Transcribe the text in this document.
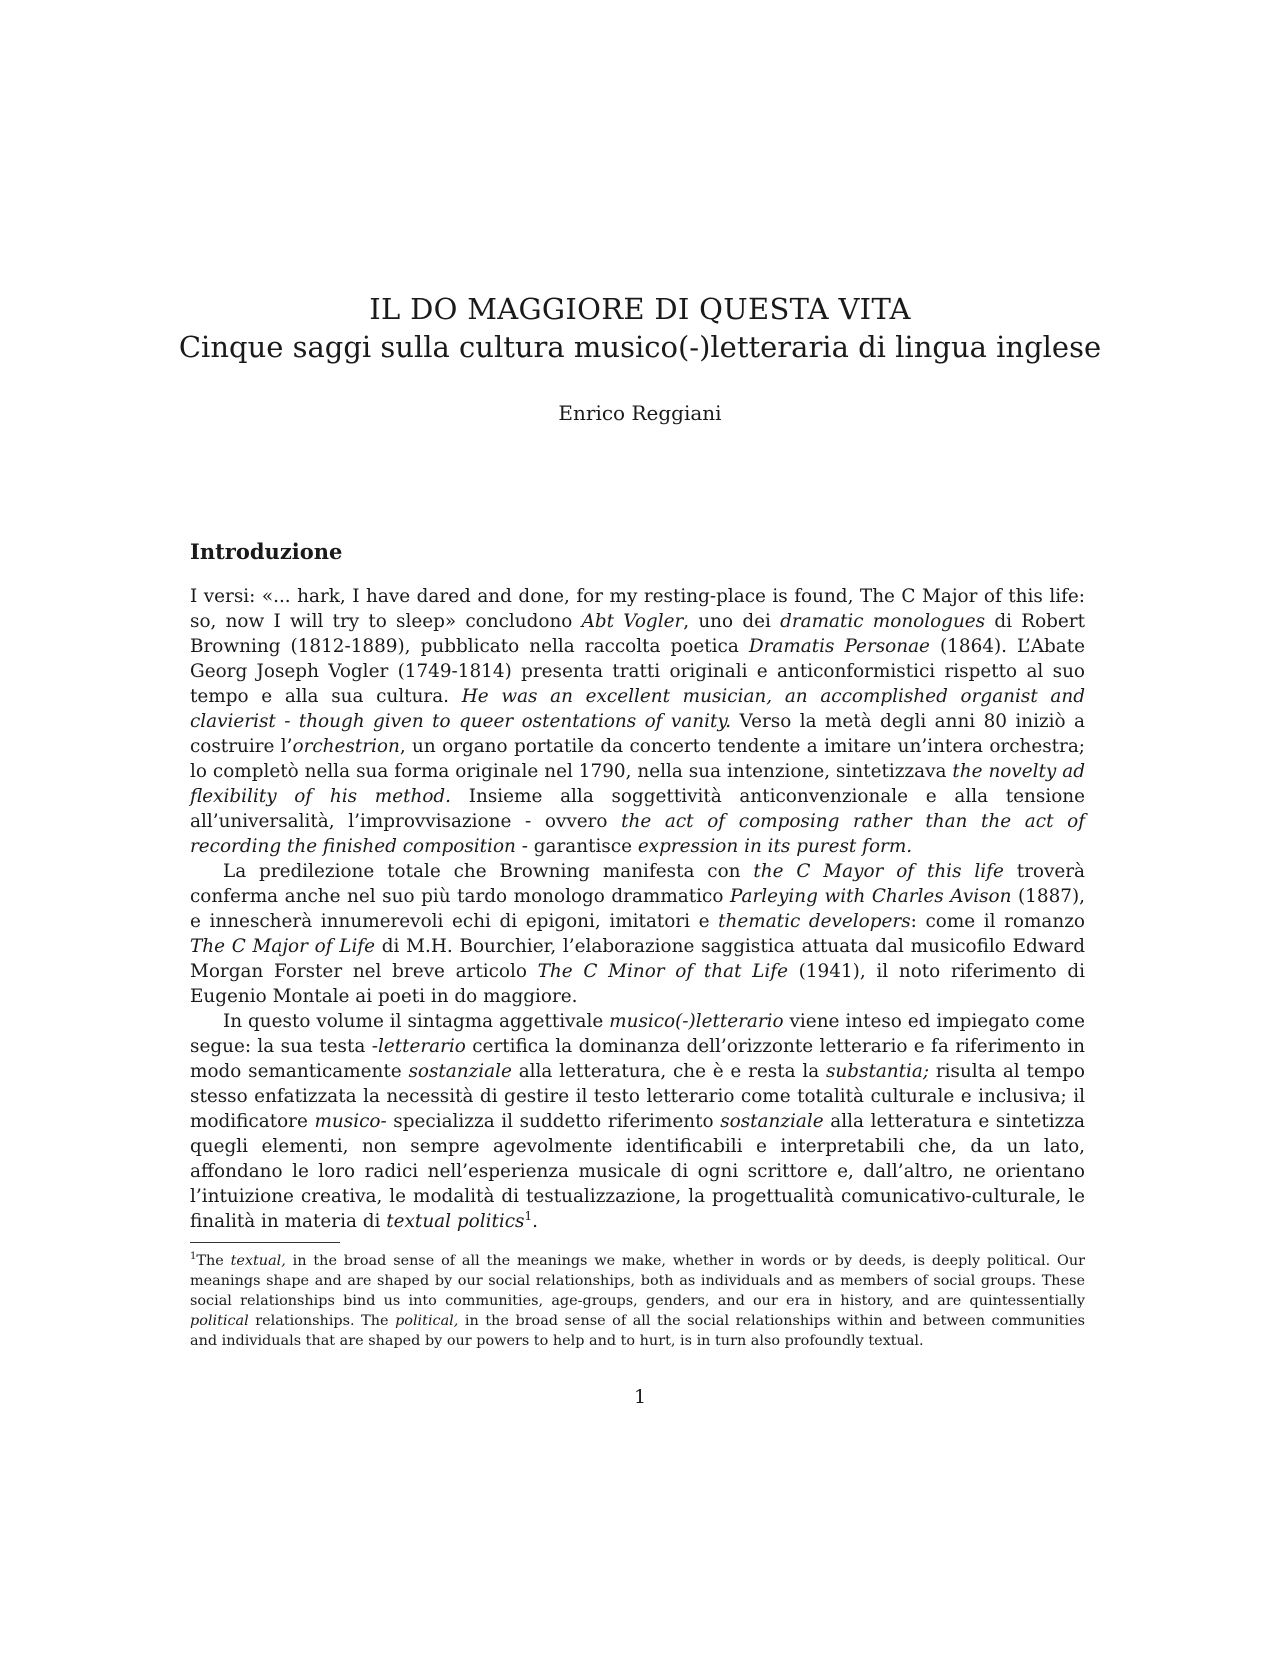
IL DO MAGGIORE DI QUESTA VITA
Cinque saggi sulla cultura musico(-)letteraria di lingua inglese
Enrico Reggiani
Introduzione

I versi: «... hark, I have dared and done, for my resting-place is found, The C Major of this life: so, now I will try to sleep» concludono Abt Vogler, uno dei dramatic monologues di Robert Browning (1812-1889), pubblicato nella raccolta poetica Dramatis Personae (1864). L’Abate Georg Joseph Vogler (1749-1814) presenta tratti originali e anticonformistici rispetto al suo tempo e alla sua cultura. He was an excellent musician, an accomplished organist and clavierist - though given to queer ostentations of vanity. Verso la metà degli anni 80 iniziò a costruire l’orchestrion, un organo portatile da concerto tendente a imitare un’intera orchestra; lo completò nella sua forma originale nel 1790, nella sua intenzione, sintetizzava the novelty ad flexibility of his method. Insieme alla soggettività anticonvenzionale e alla tensione all’universalità, l’improvvisazione - ovvero the act of composing rather than the act of recording the finished composition - garantisce expression in its purest form.

La predilezione totale che Browning manifesta con the C Mayor of this life troverà conferma anche nel suo più tardo monologo drammatico Parleying with Charles Avison (1887), e innescherà innumerevoli echi di epigoni, imitatori e thematic developers: come il romanzo The C Major of Life di M.H. Bourchier, l’elaborazione saggistica attuata dal musicofilo Edward Morgan Forster nel breve articolo The C Minor of that Life (1941), il noto riferimento di Eugenio Montale ai poeti in do maggiore.

In questo volume il sintagma aggettivale musico(-)letterario viene inteso ed impiegato come segue: la sua testa -letterario certifica la dominanza dell’orizzonte letterario e fa riferimento in modo semanticamente sostanziale alla letteratura, che è e resta la substantia; risulta al tempo stesso enfatizzata la necessità di gestire il testo letterario come totalità culturale e inclusiva; il modificatore musico- specializza il suddetto riferimento sostanziale alla letteratura e sintetizza quegli elementi, non sempre agevolmente identificabili e interpretabili che, da un lato, affondano le loro radici nell’esperienza musicale di ogni scrittore e, dall’altro, ne orientano l’intuizione creativa, le modalità di testualizzazione, la progettualità comunicativo-culturale, le finalità in materia di textual politics$^1$.

$^1$The textual, in the broad sense of all the meanings we make, whether in words or by deeds, is deeply political. Our meanings shape and are shaped by our social relationships, both as individuals and as members of social groups. These social relationships bind us into communities, age-groups, genders, and our era in history, and are quintessentially political relationships. The political, in the broad sense of all the social relationships within and between communities and individuals that are shaped by our powers to help and to hurt, is in turn also profoundly textual.

1
